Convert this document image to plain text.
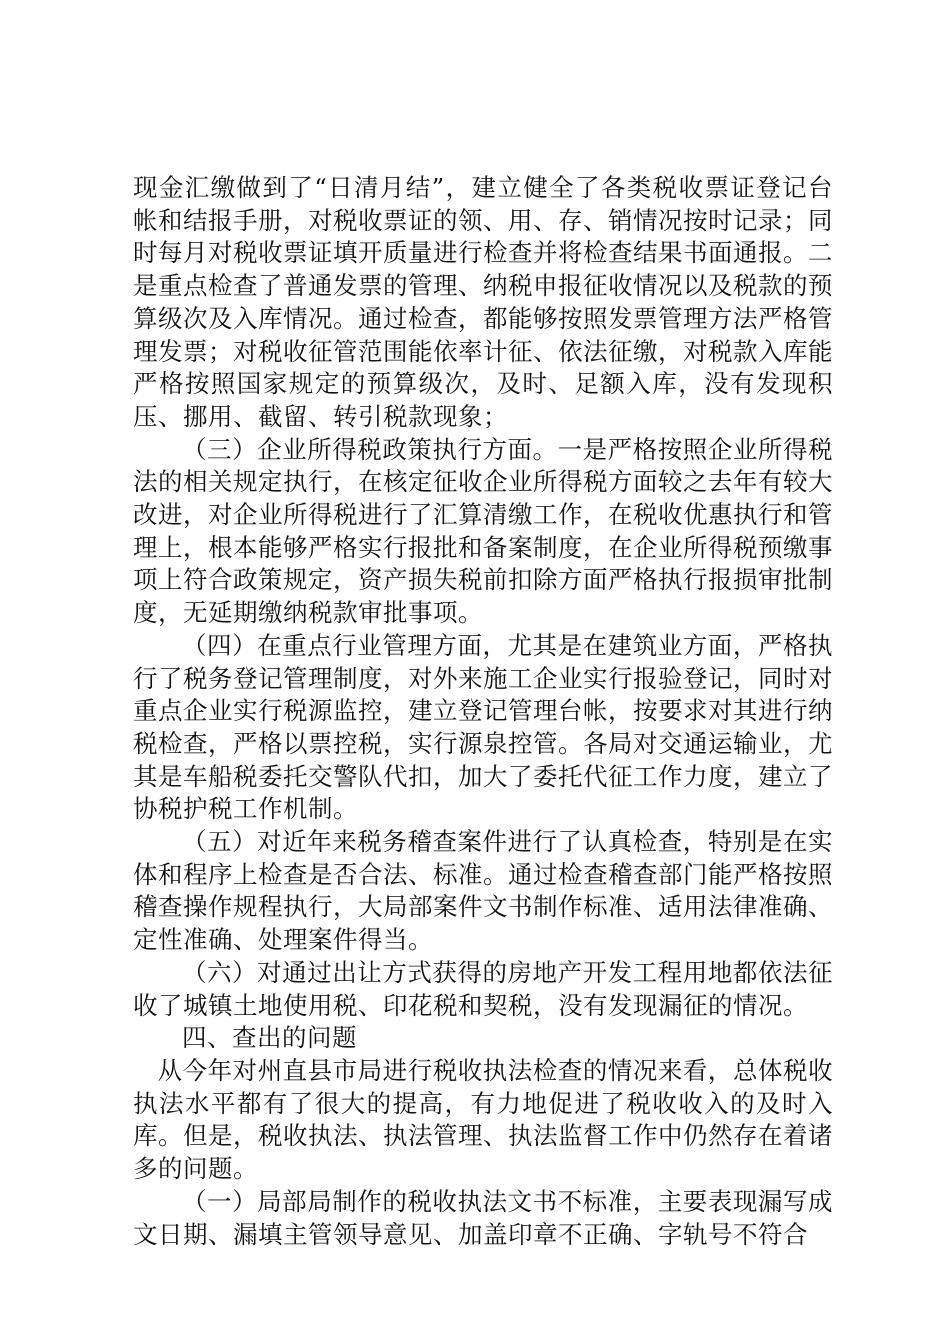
现金汇缴做到了“日清月结”，建立健全了各类税收票证登记台帐和结报手册，对税收票证的领、用、存、销情况按时记录；同时每月对税收票证填开质量进行检查并将检查结果书面通报。二是重点检查了普通发票的管理、纳税申报征收情况以及税款的预算级次及入库情况。通过检查，都能够按照发票管理方法严格管理发票；对税收征管范围能依率计征、依法征缴，对税款入库能严格按照国家规定的预算级次，及时、足额入库，没有发现积压、挪用、截留、转引税款现象；

（三）企业所得税政策执行方面。一是严格按照企业所得税法的相关规定执行，在核定征收企业所得税方面较之去年有较大改进，对企业所得税进行了汇算清缴工作，在税收优惠执行和管理上，根本能够严格实行报批和备案制度，在企业所得税预缴事项上符合政策规定，资产损失税前扣除方面严格执行报损审批制度，无延期缴纳税款审批事项。

（四）在重点行业管理方面，尤其是在建筑业方面，严格执行了税务登记管理制度，对外来施工企业实行报验登记，同时对重点企业实行税源监控，建立登记管理台帐，按要求对其进行纳税检查，严格以票控税，实行源泉控管。各局对交通运输业，尤其是车船税委托交警队代扣，加大了委托代征工作力度，建立了协税护税工作机制。

（五）对近年来税务稽查案件进行了认真检查，特别是在实体和程序上检查是否合法、标准。通过检查稽查部门能严格按照稽查操作规程执行，大局部案件文书制作标准、适用法律准确、定性准确、处理案件得当。

（六）对通过出让方式获得的房地产开发工程用地都依法征收了城镇土地使用税、印花税和契税，没有发现漏征的情况。

四、查出的问题

从今年对州直县市局进行税收执法检查的情况来看，总体税收执法水平都有了很大的提高，有力地促进了税收收入的及时入库。但是，税收执法、执法管理、执法监督工作中仍然存在着诸多的问题。

（一）局部局制作的税收执法文书不标准，主要表现漏写成文日期、漏填主管领导意见、加盖印章不正确、字轨号不符合
